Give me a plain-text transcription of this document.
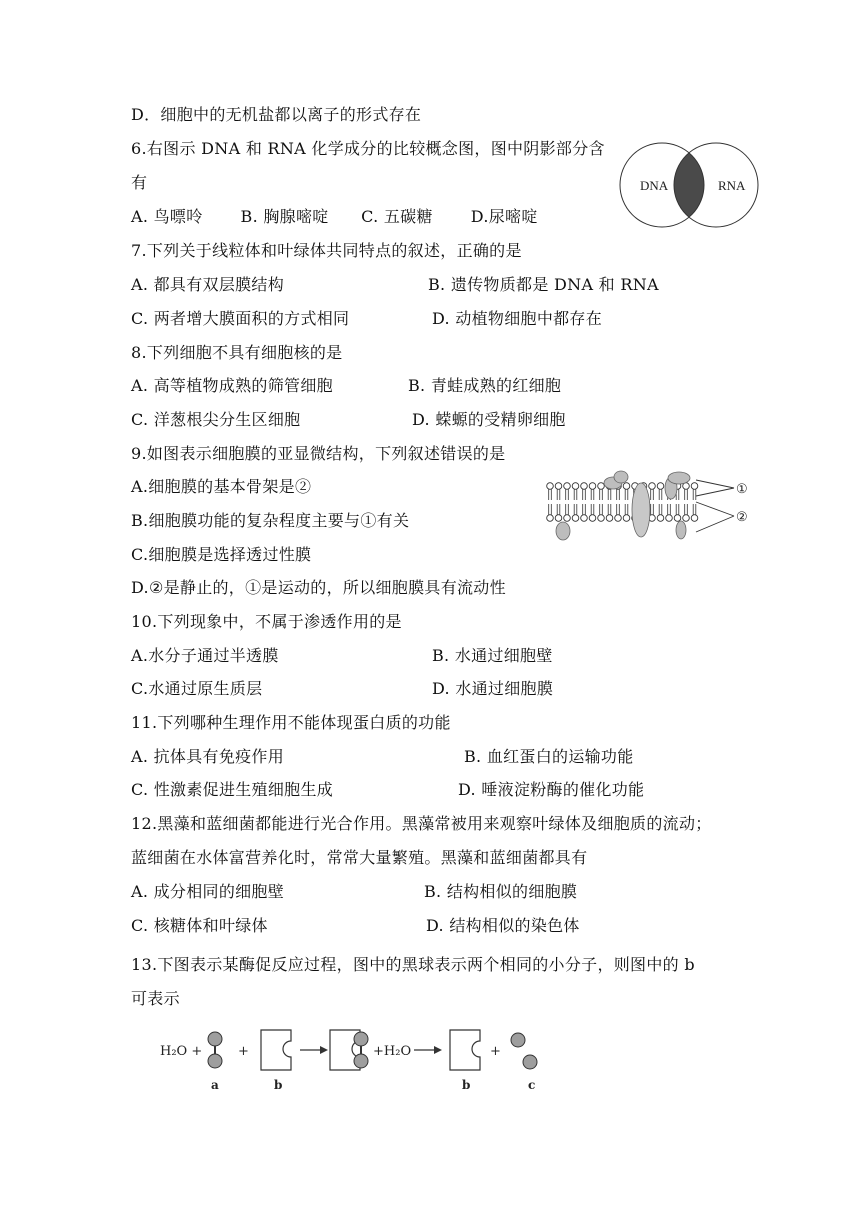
D．细胞中的无机盐都以离子的形式存在
6.右图示 DNA 和 RNA 化学成分的比较概念图，图中阴影部分含
有
A. 鸟嘌呤　　 B. 胸腺嘧啶　　C. 五碳糖　　 D.尿嘧啶
7.下列关于线粒体和叶绿体共同特点的叙述，正确的是
A. 都具有双层膜结构	B. 遗传物质都是 DNA 和 RNA
C. 两者增大膜面积的方式相同	D. 动植物细胞中都存在
8.下列细胞不具有细胞核的是
A. 高等植物成熟的筛管细胞	B. 青蛙成熟的红细胞
C. 洋葱根尖分生区细胞	D. 蝾螈的受精卵细胞
9.如图表示细胞膜的亚显微结构，下列叙述错误的是
A.细胞膜的基本骨架是②
B.细胞膜功能的复杂程度主要与①有关
C.细胞膜是选择透过性膜
D.②是静止的，①是运动的，所以细胞膜具有流动性
10.下列现象中，不属于渗透作用的是
A.水分子通过半透膜	B. 水通过细胞壁
C.水通过原生质层	D. 水通过细胞膜
11.下列哪种生理作用不能体现蛋白质的功能
A. 抗体具有免疫作用	B. 血红蛋白的运输功能
C. 性激素促进生殖细胞生成	D. 唾液淀粉酶的催化功能
12.黑藻和蓝细菌都能进行光合作用。黑藻常被用来观察叶绿体及细胞质的流动；
蓝细菌在水体富营养化时，常常大量繁殖。黑藻和蓝细菌都具有
A. 成分相同的细胞壁	B. 结构相似的细胞膜
C. 核糖体和叶绿体	D. 结构相似的染色体
13.下图表示某酶促反应过程，图中的黑球表示两个相同的小分子，则图中的 b
可表示
DNA	RNA
①
②
H₂O +
a
+
b
+H₂O
b
+
c
